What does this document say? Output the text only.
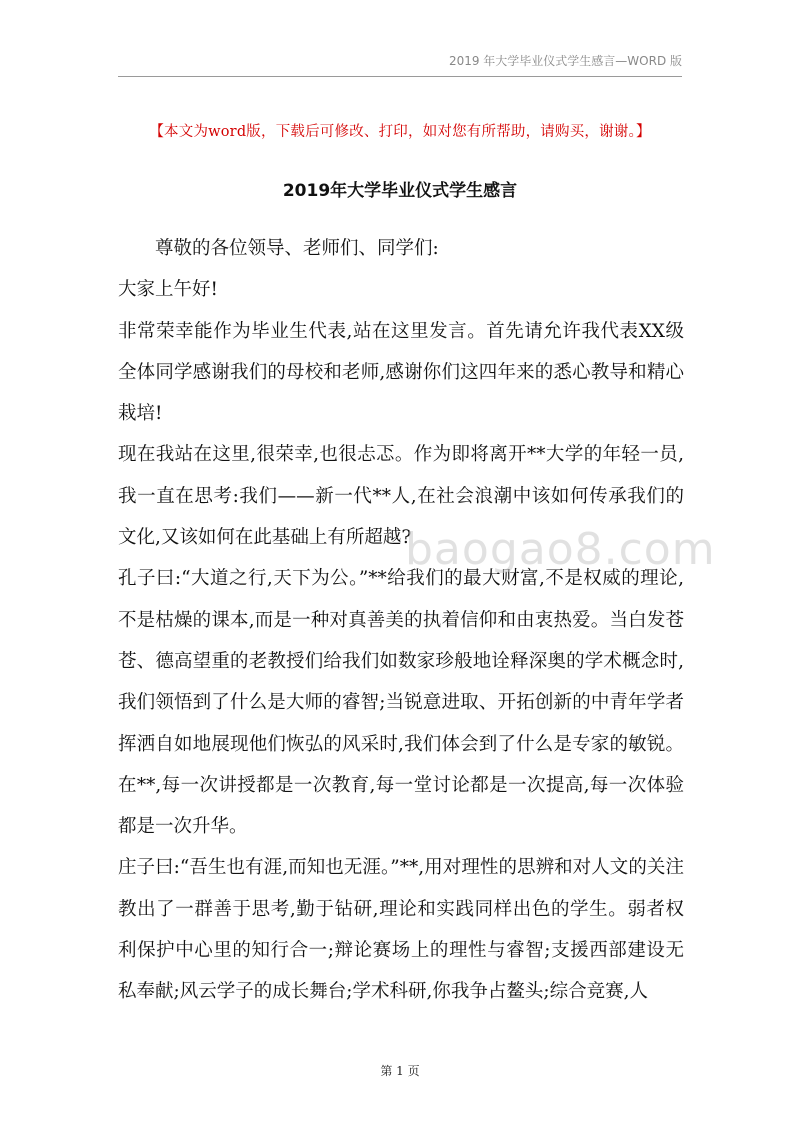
2019 年大学毕业仪式学生感言—WORD 版
【本文为word版，下载后可修改、打印，如对您有所帮助，请购买，谢谢。】
2019年大学毕业仪式学生感言

尊敬的各位领导、老师们、同学们:

大家上午好!

非常荣幸能作为毕业生代表,站在这里发言。首先请允许我代表XX级全体同学感谢我们的母校和老师,感谢你们这四年来的悉心教导和精心栽培!

现在我站在这里,很荣幸,也很忐忑。作为即将离开**大学的年轻一员,我一直在思考:我们——新一代**人,在社会浪潮中该如何传承我们的文化,又该如何在此基础上有所超越?

孔子曰:“大道之行,天下为公。”**给我们的最大财富,不是权威的理论,不是枯燥的课本,而是一种对真善美的执着信仰和由衷热爱。当白发苍苍、德高望重的老教授们给我们如数家珍般地诠释深奥的学术概念时,我们领悟到了什么是大师的睿智;当锐意进取、开拓创新的中青年学者挥洒自如地展现他们恢弘的风采时,我们体会到了什么是专家的敏锐。在**,每一次讲授都是一次教育,每一堂讨论都是一次提高,每一次体验都是一次升华。

庄子曰:“吾生也有涯,而知也无涯。”**,用对理性的思辨和对人文的关注教出了一群善于思考,勤于钻研,理论和实践同样出色的学生。弱者权利保护中心里的知行合一;辩论赛场上的理性与睿智;支援西部建设无私奉献;风云学子的成长舞台;学术科研,你我争占鳌头;综合竞赛,人

baogao8.com
第 1 页
